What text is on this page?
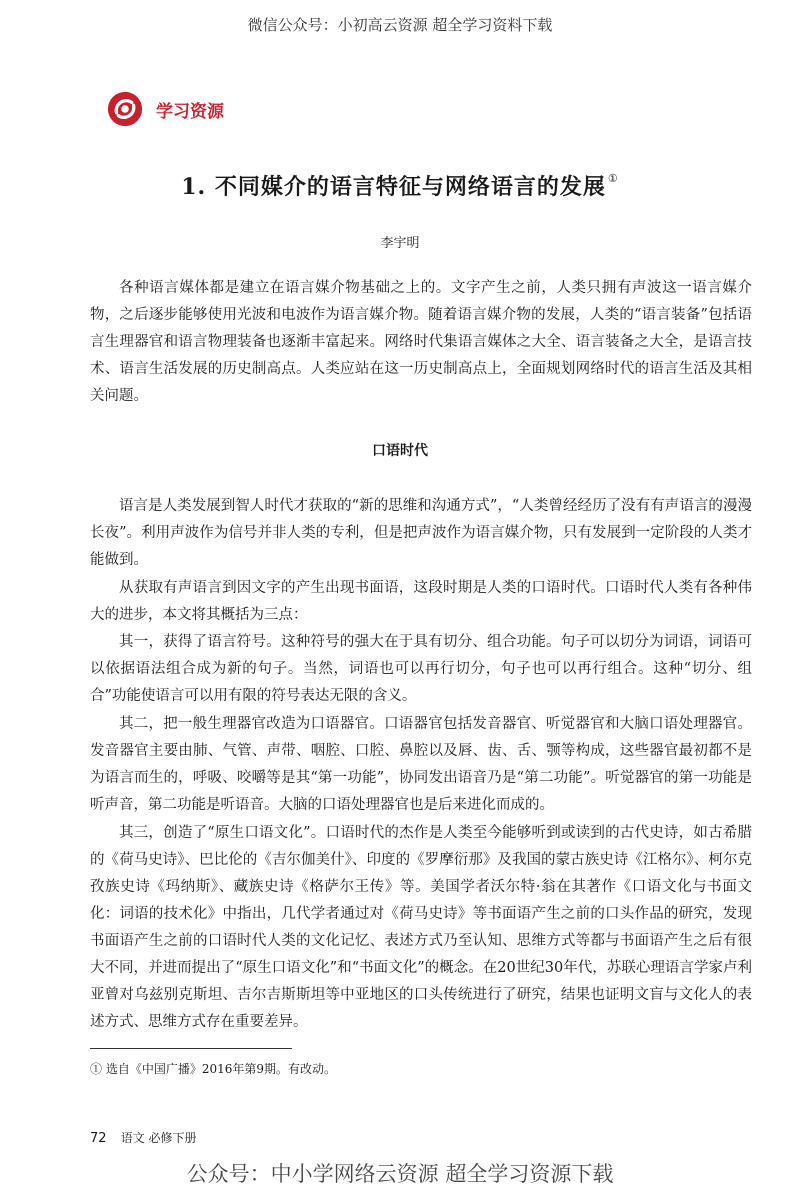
微信公众号：小初高云资源 超全学习资料下载
学习资源
1. 不同媒介的语言特征与网络语言的发展 ①
李宇明

各种语言媒体都是建立在语言媒介物基础之上的。文字产生之前，人类只拥有声波这一语言媒介物，之后逐步能够使用光波和电波作为语言媒介物。随着语言媒介物的发展，人类的“语言装备”包括语言生理器官和语言物理装备也逐渐丰富起来。网络时代集语言媒体之大全、语言装备之大全，是语言技术、语言生活发展的历史制高点。人类应站在这一历史制高点上，全面规划网络时代的语言生活及其相关问题。

口语时代

语言是人类发展到智人时代才获取的“新的思维和沟通方式”，“人类曾经经历了没有有声语言的漫漫长夜”。利用声波作为信号并非人类的专利，但是把声波作为语言媒介物，只有发展到一定阶段的人类才能做到。

从获取有声语言到因文字的产生出现书面语，这段时期是人类的口语时代。口语时代人类有各种伟大的进步，本文将其概括为三点：

其一，获得了语言符号。这种符号的强大在于具有切分、组合功能。句子可以切分为词语，词语可以依据语法组合成为新的句子。当然，词语也可以再行切分，句子也可以再行组合。这种“切分、组合”功能使语言可以用有限的符号表达无限的含义。

其二，把一般生理器官改造为口语器官。口语器官包括发音器官、听觉器官和大脑口语处理器官。发音器官主要由肺、气管、声带、咽腔、口腔、鼻腔以及唇、齿、舌、颚等构成，这些器官最初都不是为语言而生的，呼吸、咬嚼等是其“第一功能”，协同发出语音乃是“第二功能”。听觉器官的第一功能是听声音，第二功能是听语音。大脑的口语处理器官也是后来进化而成的。

其三，创造了“原生口语文化”。口语时代的杰作是人类至今能够听到或读到的古代史诗，如古希腊的《荷马史诗》、巴比伦的《吉尔伽美什》、印度的《罗摩衍那》及我国的蒙古族史诗《江格尔》、柯尔克孜族史诗《玛纳斯》、藏族史诗《格萨尔王传》等。美国学者沃尔特·翁在其著作《口语文化与书面文化：词语的技术化》中指出，几代学者通过对《荷马史诗》等书面语产生之前的口头作品的研究，发现书面语产生之前的口语时代人类的文化记忆、表述方式乃至认知、思维方式等都与书面语产生之后有很大不同，并进而提出了“原生口语文化”和“书面文化”的概念。在20世纪30年代，苏联心理语言学家卢利亚曾对乌兹别克斯坦、吉尔吉斯斯坦等中亚地区的口头传统进行了研究，结果也证明文盲与文化人的表述方式、思维方式存在重要差异。

① 选自《中国广播》2016年第9期。有改动。
72 语文 必修下册
公众号：中小学网络云资源 超全学习资源下载
